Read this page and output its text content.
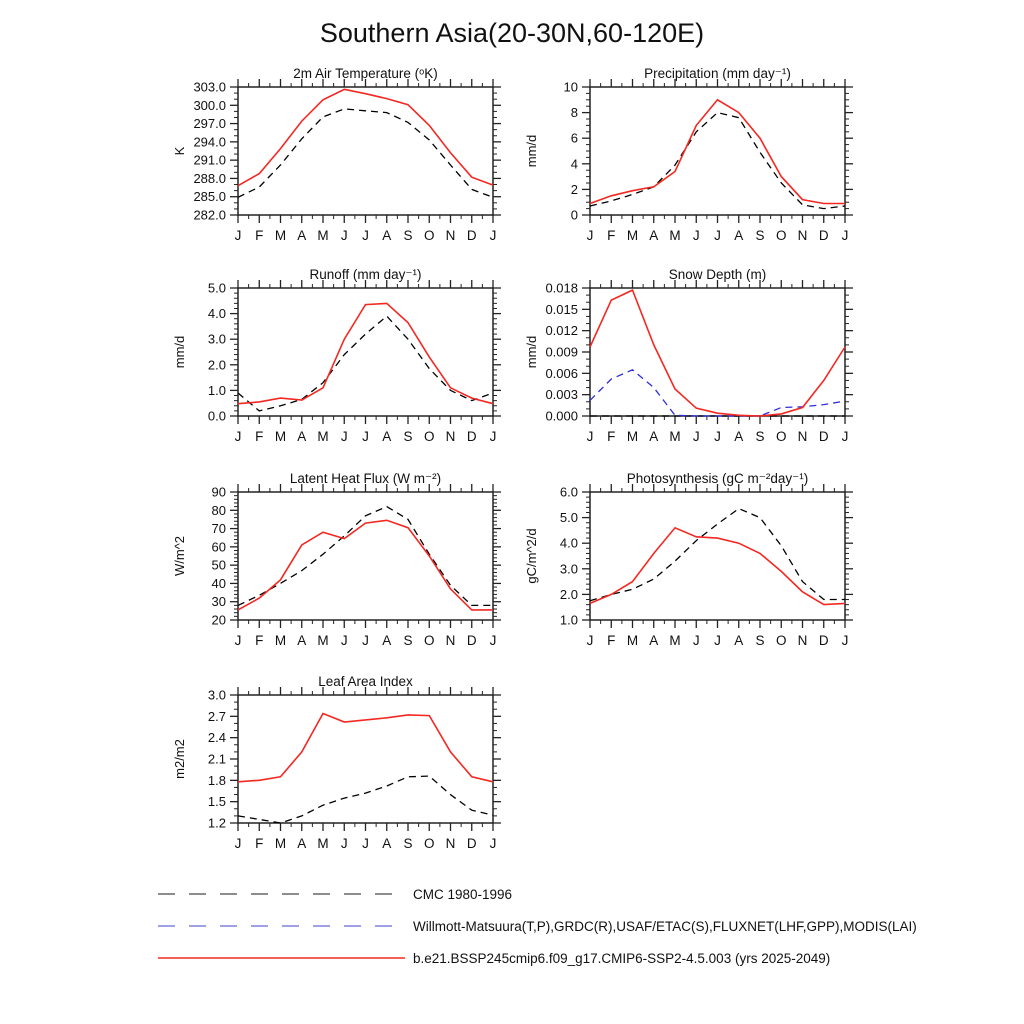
Southern Asia(20-30N,60-120E)
282.0
285.0
288.0
291.0
294.0
297.0
300.0
303.0
J F M A M J J A S O N D J
2m Air Temperature (ᵒK)
K
0
2
4
6
8
10
J F M A M J J A S O N D J
Precipitation (mm day⁻¹)
mm/d
0.0
1.0
2.0
3.0
4.0
5.0
J F M A M J J A S O N D J
Runoff (mm day⁻¹)
mm/d
0.000
0.003
0.006
0.009
0.012
0.015
0.018
J F M A M J J A S O N D J
Snow Depth (m)
mm/d
20
30
40
50
60
70
80
90
J F M A M J J A S O N D J
Latent Heat Flux (W m⁻²)
W/m^2
1.0
2.0
3.0
4.0
5.0
6.0
J F M A M J J A S O N D J
Photosynthesis (gC m⁻²day⁻¹)
gC/m^2/d
1.2
1.5
1.8
2.1
2.4
2.7
3.0
J F M A M J J A S O N D J
Leaf Area Index
m2/m2
CMC 1980-1996
Willmott-Matsuura(T,P),GRDC(R),USAF/ETAC(S),FLUXNET(LHF,GPP),MODIS(LAI)
b.e21.BSSP245cmip6.f09_g17.CMIP6-SSP2-4.5.003 (yrs 2025-2049)
